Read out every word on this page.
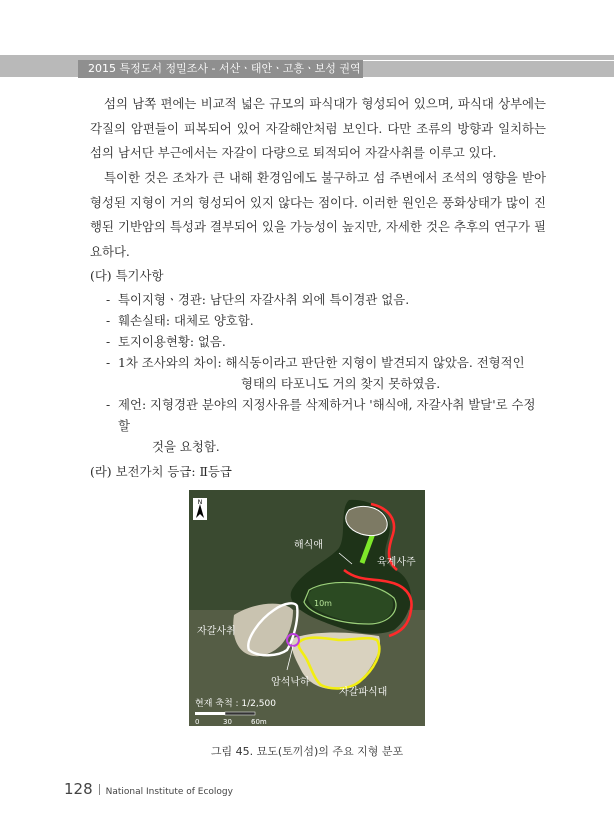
2015 특정도서 정밀조사 - 서산ㆍ태안ㆍ고흥ㆍ보성 권역

섬의 남쪽 편에는 비교적 넓은 규모의 파식대가 형성되어 있으며, 파식대 상부에는 각질의 암편들이 피복되어 있어 자갈해안처럼 보인다. 다만 조류의 방향과 일치하는 섬의 남서단 부근에서는 자갈이 다량으로 퇴적되어 자갈사취를 이루고 있다.

특이한 것은 조차가 큰 내해 환경임에도 불구하고 섬 주변에서 조석의 영향을 받아 형성된 지형이 거의 형성되어 있지 않다는 점이다. 이러한 원인은 풍화상태가 많이 진행된 기반암의 특성과 결부되어 있을 가능성이 높지만, 자세한 것은 추후의 연구가 필요하다.

(다) 특기사항

- 특이지형ㆍ경관: 남단의 자갈사취 외에 특이경관 없음.
- 훼손실태: 대체로 양호함.
- 토지이용현황: 없음.
- 1차 조사와의 차이: 해식동이라고 판단한 지형이 발견되지 않았음. 전형적인
형태의 타포니도 거의 찾지 못하였음.
- 제언: 지형경관 분야의 지정사유를 삭제하거나 '해식애, 자갈사취 발달'로 수정할
것을 요청함.

(라) 보전가치 등급: Ⅱ등급

N
해식애
육계사주
10m
자갈사취
암석낙하
자갈파식대
현재 축척 : 1/2,500
0	30	60m
그림 45. 묘도(토끼섬)의 주요 지형 분포
128 National Institute of Ecology
